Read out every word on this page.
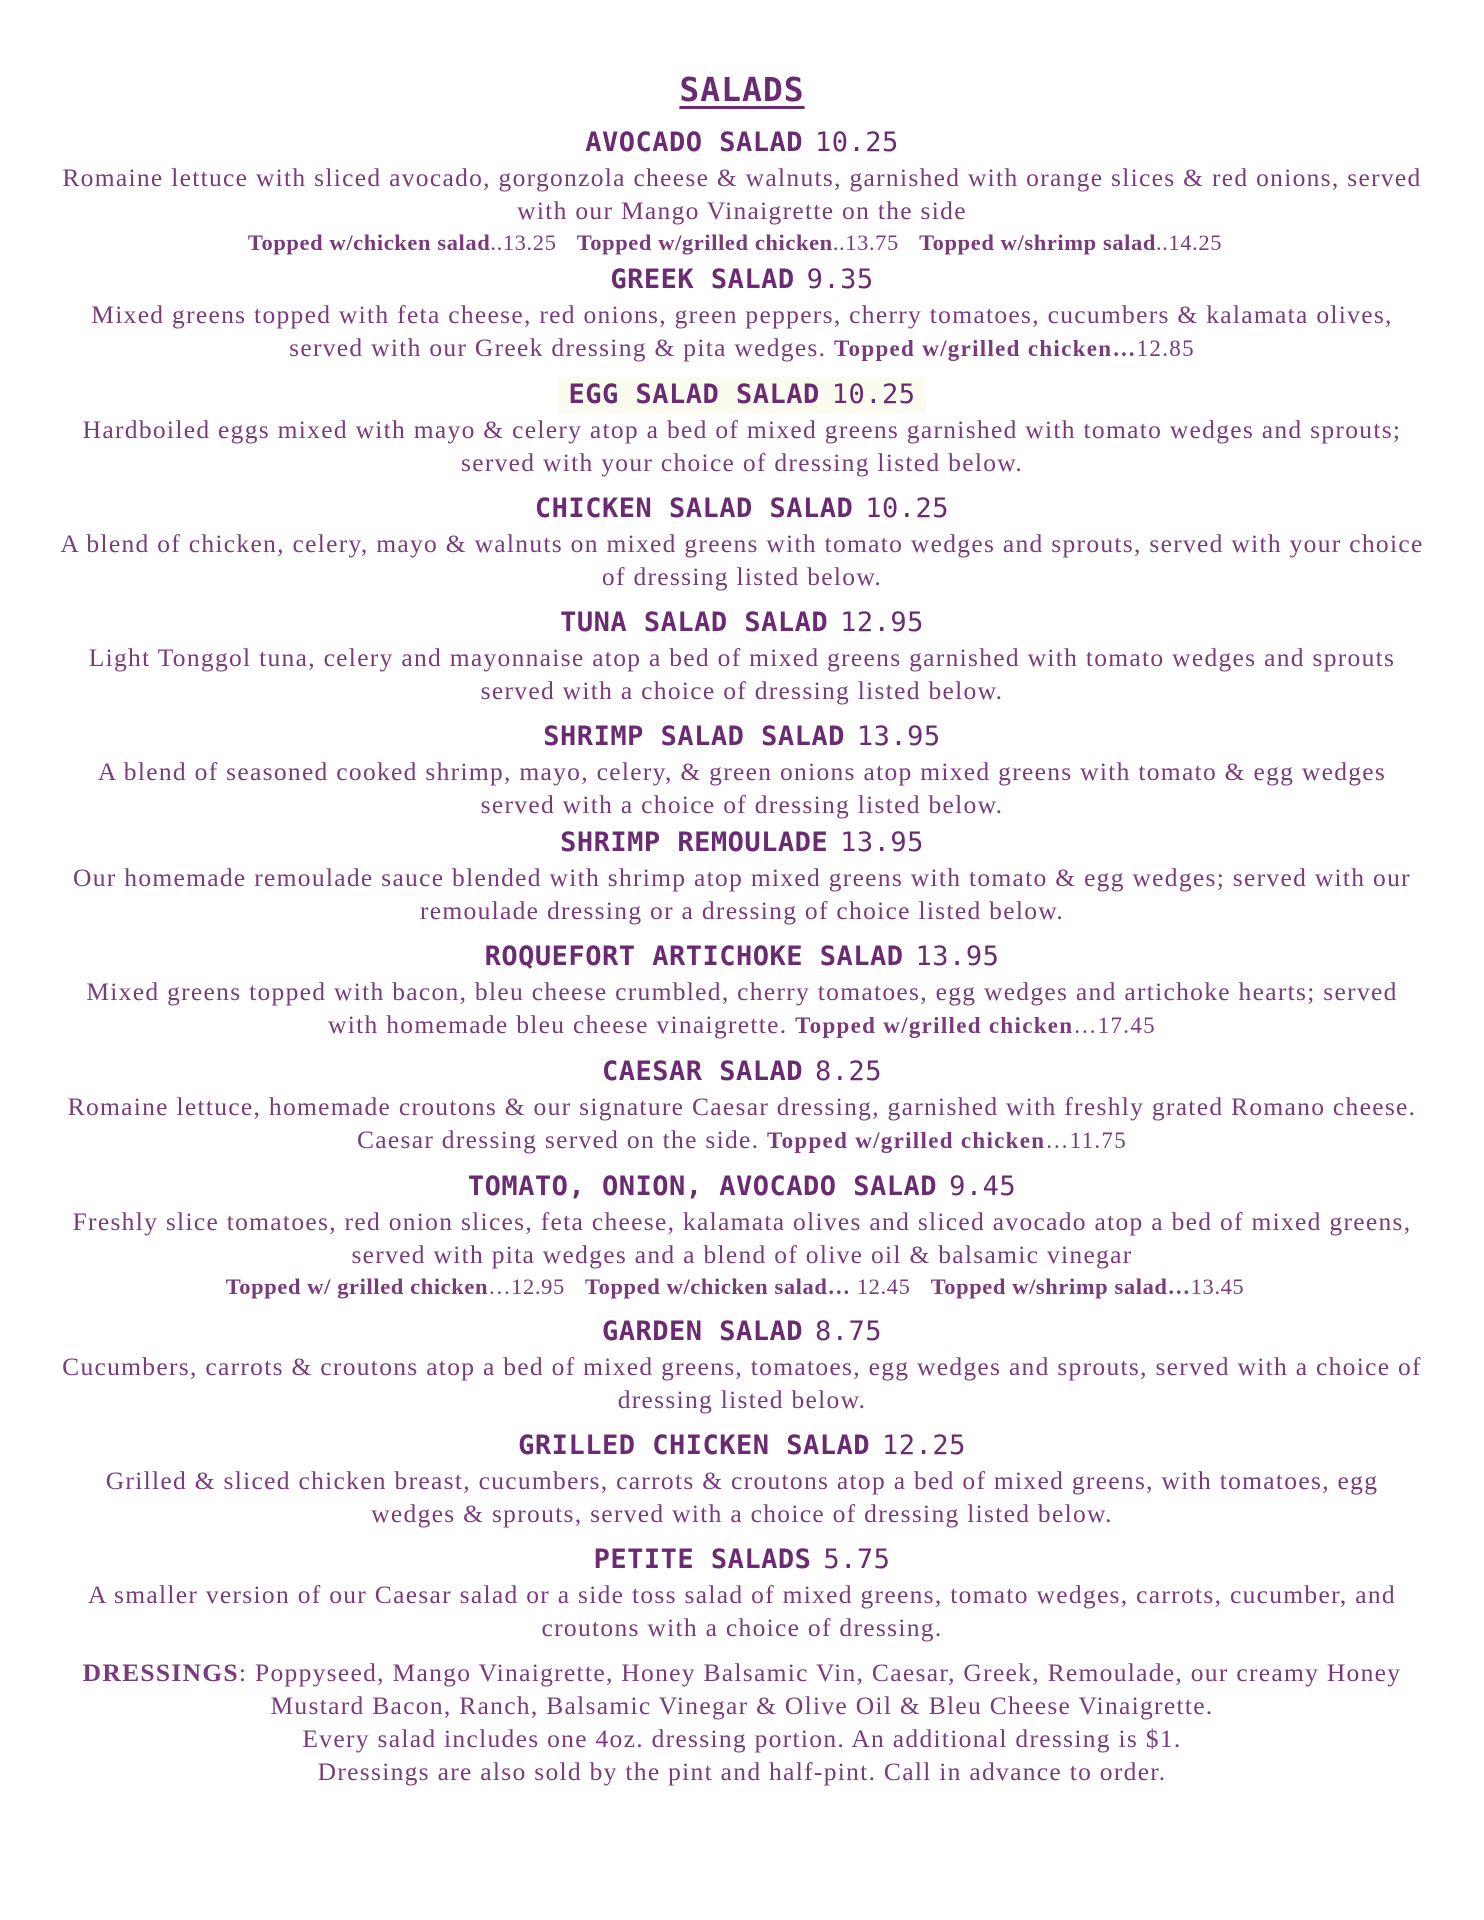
SALADS
AVOCADO SALAD 10.25
Romaine lettuce with sliced avocado, gorgonzola cheese & walnuts, garnished with orange slices & red onions, served with our Mango Vinaigrette on the side
Topped w/chicken salad..13.25 Topped w/grilled chicken..13.75 Topped w/shrimp salad..14.25
GREEK SALAD 9.35
Mixed greens topped with feta cheese, red onions, green peppers, cherry tomatoes, cucumbers & kalamata olives, served with our Greek dressing & pita wedges. Topped w/grilled chicken…12.85
EGG SALAD SALAD 10.25
Hardboiled eggs mixed with mayo & celery atop a bed of mixed greens garnished with tomato wedges and sprouts; served with your choice of dressing listed below.
CHICKEN SALAD SALAD 10.25
A blend of chicken, celery, mayo & walnuts on mixed greens with tomato wedges and sprouts, served with your choice of dressing listed below.
TUNA SALAD SALAD 12.95
Light Tonggol tuna, celery and mayonnaise atop a bed of mixed greens garnished with tomato wedges and sprouts served with a choice of dressing listed below.
SHRIMP SALAD SALAD 13.95
A blend of seasoned cooked shrimp, mayo, celery, & green onions atop mixed greens with tomato & egg wedges served with a choice of dressing listed below.
SHRIMP REMOULADE 13.95
Our homemade remoulade sauce blended with shrimp atop mixed greens with tomato & egg wedges; served with our remoulade dressing or a dressing of choice listed below.
ROQUEFORT ARTICHOKE SALAD 13.95
Mixed greens topped with bacon, bleu cheese crumbled, cherry tomatoes, egg wedges and artichoke hearts; served with homemade bleu cheese vinaigrette. Topped w/grilled chicken…17.45
CAESAR SALAD 8.25
Romaine lettuce, homemade croutons & our signature Caesar dressing, garnished with freshly grated Romano cheese. Caesar dressing served on the side. Topped w/grilled chicken…11.75
TOMATO, ONION, AVOCADO SALAD 9.45
Freshly slice tomatoes, red onion slices, feta cheese, kalamata olives and sliced avocado atop a bed of mixed greens, served with pita wedges and a blend of olive oil & balsamic vinegar
Topped w/ grilled chicken…12.95 Topped w/chicken salad… 12.45 Topped w/shrimp salad…13.45
GARDEN SALAD 8.75
Cucumbers, carrots & croutons atop a bed of mixed greens, tomatoes, egg wedges and sprouts, served with a choice of dressing listed below.
GRILLED CHICKEN SALAD 12.25
Grilled & sliced chicken breast, cucumbers, carrots & croutons atop a bed of mixed greens, with tomatoes, egg wedges & sprouts, served with a choice of dressing listed below.
PETITE SALADS 5.75
A smaller version of our Caesar salad or a side toss salad of mixed greens, tomato wedges, carrots, cucumber, and croutons with a choice of dressing.
DRESSINGS: Poppyseed, Mango Vinaigrette, Honey Balsamic Vin, Caesar, Greek, Remoulade, our creamy Honey Mustard Bacon, Ranch, Balsamic Vinegar & Olive Oil & Bleu Cheese Vinaigrette.
Every salad includes one 4oz. dressing portion. An additional dressing is $1.
Dressings are also sold by the pint and half-pint. Call in advance to order.
